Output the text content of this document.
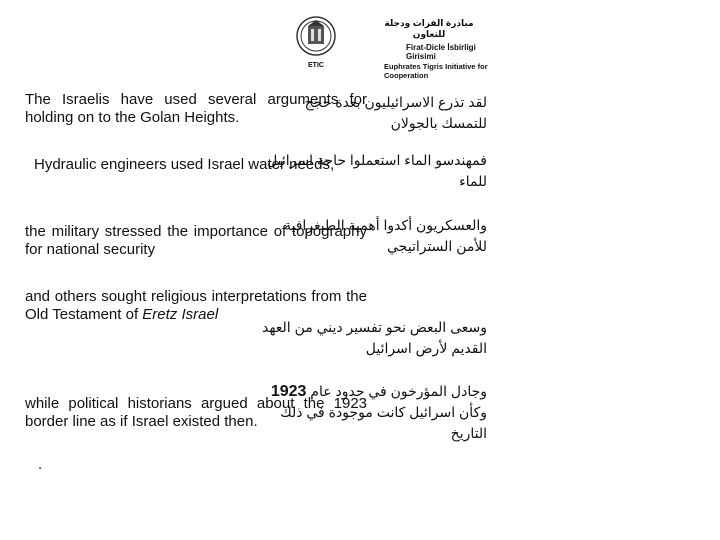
ETIC
مبادرة الفرات ودجلة للتعاون
Firat-Dicle İsbirligi
Girisimi
Euphrates Tigris Initiative for Cooperation
The Israelis have used several arguments for holding on to the Golan Heights.
لقد تذرع الاسرائيليون بعدة حجج
للتمسك بالجولان
Hydraulic engineers used Israel water needs,
فمهندسو الماء استعملوا حاجة اسرائيل
للماء
the military stressed the importance of topography for national security
والعسكريون أكدوا أهمية الطبغرافية
للأمن الستراتيجي
and others sought religious interpretations from the Old Testament of Eretz Israel
وسعى البعض نحو تفسير ديني من العهد
القديم لأرض اسرائيل
while political historians argued about the 1923 border line as if Israel existed then.
وجادل المؤرخون في حدود عام 1923
وكأن اسرائيل كانت موجودة في ذلك
التاريخ
.
